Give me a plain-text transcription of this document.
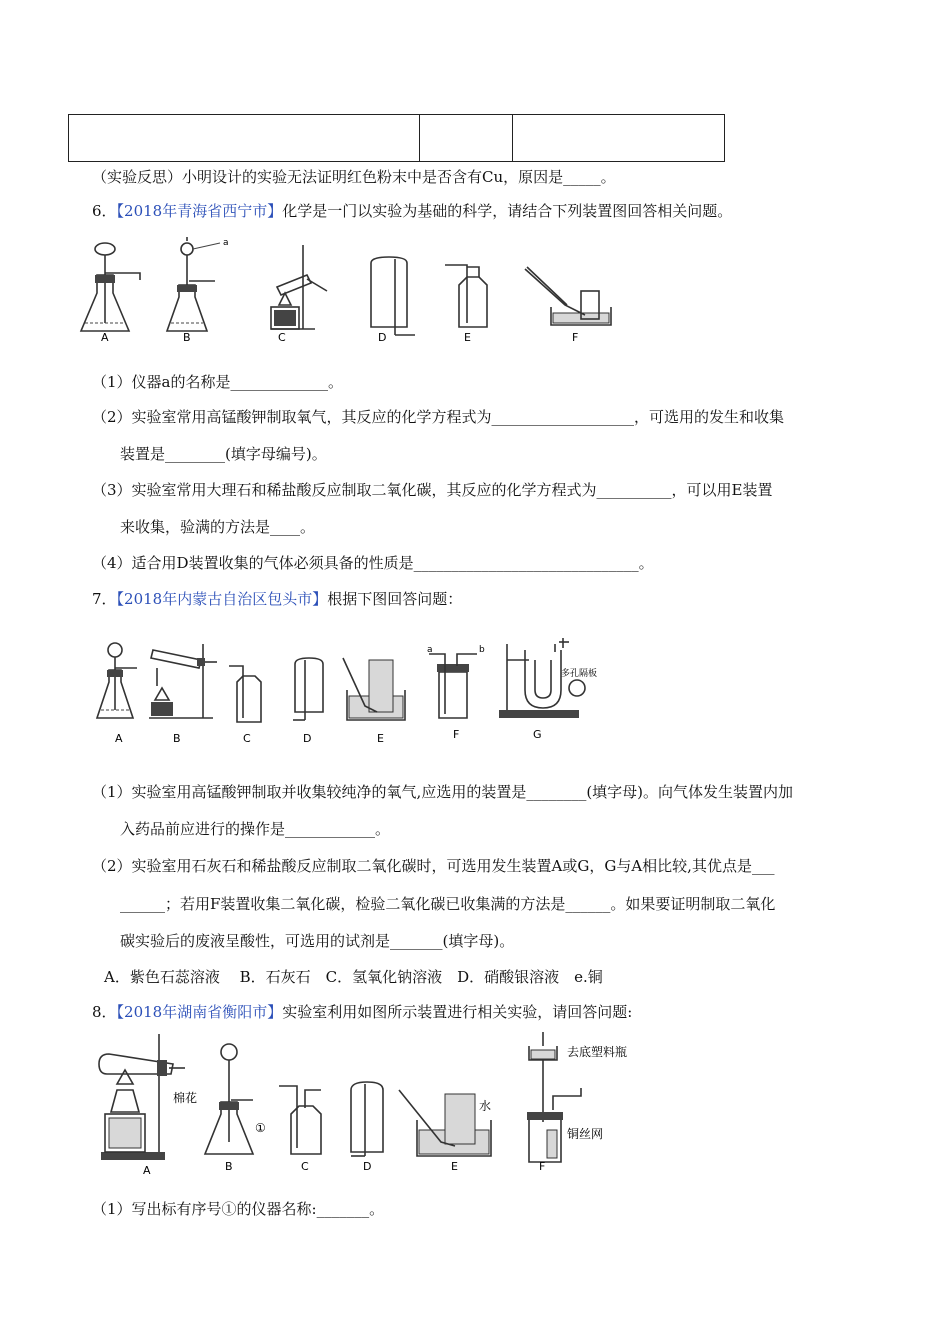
（实验反思）小明设计的实验无法证明红色粉末中是否含有Cu，原因是_____。
6．【2018年青海省西宁市】化学是一门以实验为基础的科学，请结合下列装置图回答相关问题。
a
A	B	C	D	E	F
（1）仪器a的名称是_____________。
（2）实验室常用高锰酸钾制取氧气，其反应的化学方程式为___________________，可选用的发生和收集
装置是________(填字母编号)。
（3）实验室常用大理石和稀盐酸反应制取二氧化碳，其反应的化学方程式为__________，可以用E装置
来收集，验满的方法是____。
（4）适合用D装置收集的气体必须具备的性质是______________________________。
7．【2018年内蒙古自治区包头市】根据下图回答问题：
a	b
多孔隔板
A	B	C	D	E	F	G
（1）实验室用高锰酸钾制取并收集较纯净的氧气,应选用的装置是________(填字母)。向气体发生装置内加
入药品前应进行的操作是____________。
（2）实验室用石灰石和稀盐酸反应制取二氧化碳时，可选用发生装置A或G，G与A相比较,其优点是___
______；若用F装置收集二氧化碳，检验二氧化碳已收集满的方法是______。如果要证明制取二氧化
碳实验后的废液呈酸性，可选用的试剂是_______(填字母)。
A．紫色石蕊溶液　 B．石灰石　C．氢氧化钠溶液　D．硝酸银溶液　e.铜
8．【2018年湖南省衡阳市】实验室利用如图所示装置进行相关实验，请回答问题:
棉花
①
水
去底塑料瓶
铜丝网
A	B	C	D	E	F
（1）写出标有序号①的仪器名称:_______。
